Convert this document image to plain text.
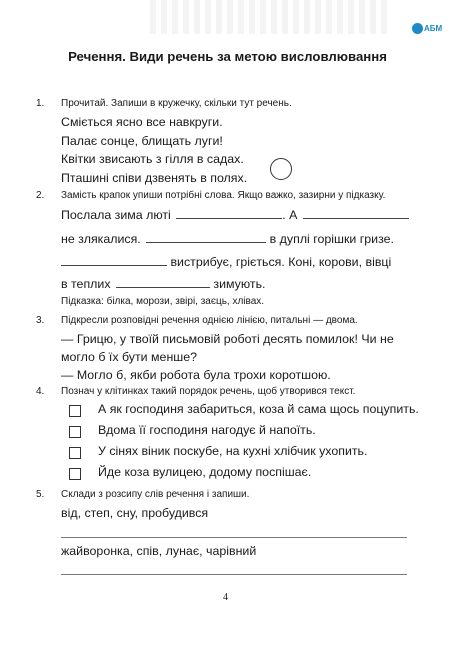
АБМ
Речення. Види речень за метою висловлювання
1. Прочитай. Запиши в кружечку, скільки тут речень.
Сміється ясно все навкруги.
Палає сонце, блищать луги!
Квітки звисають з гілля в садах.
Пташині співи дзвенять в полях.
2. Замість крапок упиши потрібні слова. Якщо важко, зазирни у підказку.
Послала зима люті	. А
не злякалися.	в дуплі горішки гризе.
вистрибує, гріється. Коні, корови, вівці
в теплих	зимують.
Підказка: білка, морози, звірі, заєць, хлівах.
3. Підкресли розповідні речення однією лінією, питальні — двома.
— Грицю, у твоїй письмовій роботі десять помилок! Чи не
могло б їх бути менше?
— Могло б, якби робота була трохи коротшою.
4. Познач у клітинках такий порядок речень, щоб утворився текст.
А як господиня забариться, коза й сама щось поцупить.
Вдома її господиня нагодує й напоїть.
У сінях віник поскубе, на кухні хлібчик ухопить.
Йде коза вулицею, додому поспішає.
5. Склади з розсипу слів речення і запиши.
від, степ, сну, пробудився
жайворонка, спів, лунає, чарівний
4
